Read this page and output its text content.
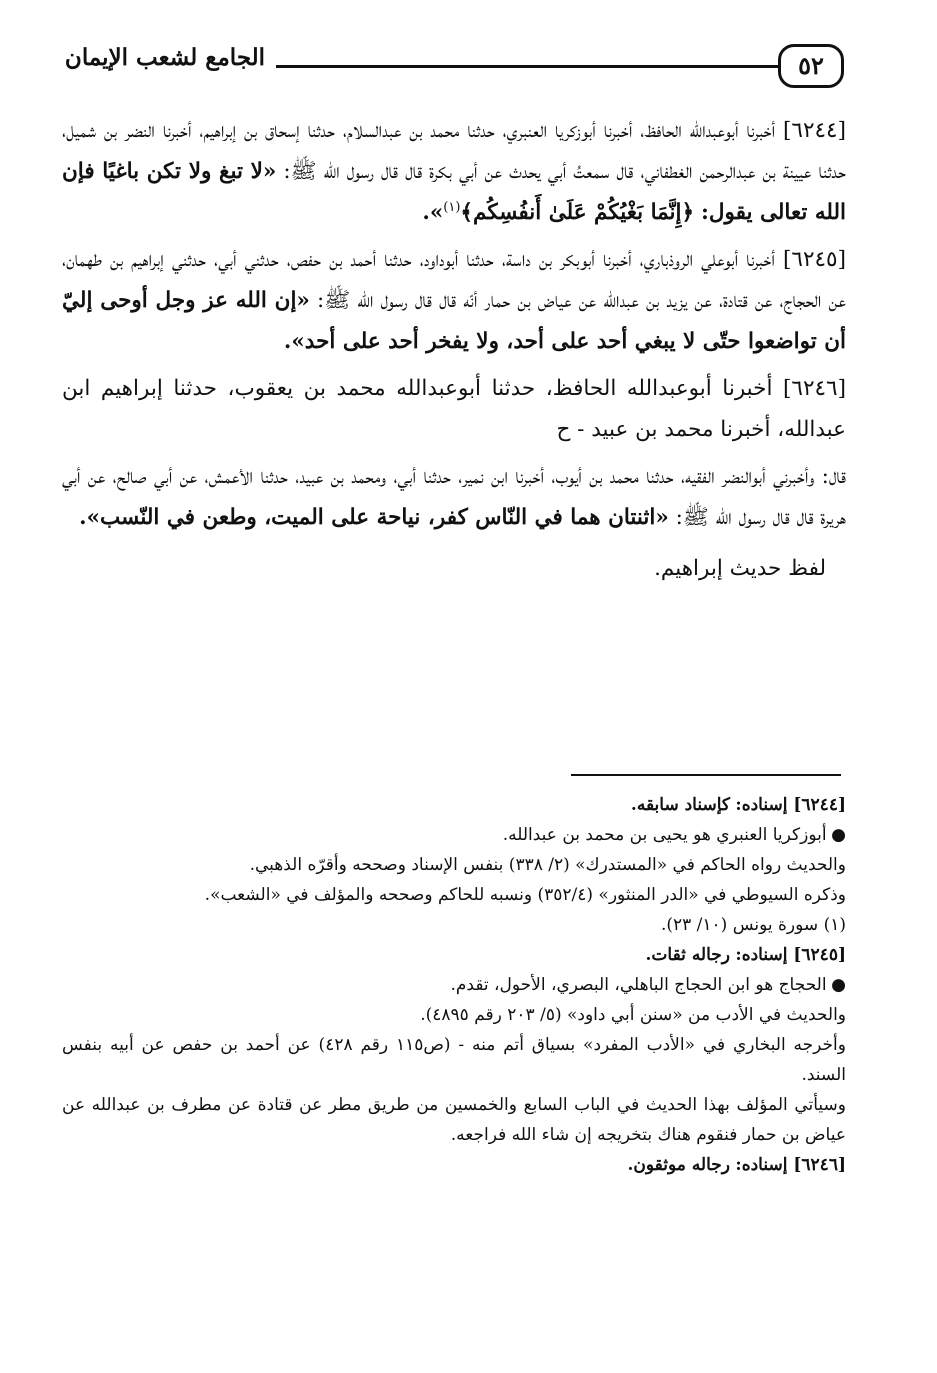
٥٢
الجامع لشعب الإيمان

[٦٢٤٤] أخبرنا أبوعبدالله الحافظ، أخبرنا أبوزكريا العنبري، حدثنا محمد بن عبدالسلام، حدثنا إسحاق بن إبراهيم، أخبرنا النضر بن شميل، حدثنا عيينة بن عبدالرحمن الغطفاني، قال سمعتُ أبي يحدث عن أبي بكرة قال قال رسول الله ﷺ: «لا تبغ ولا تكن باغيًا فإن الله تعالى يقول: ﴿إِنَّمَا بَغْيُكُمْ عَلَىٰ أَنفُسِكُم﴾$^{(١)}$».

[٦٢٤٥] أخبرنا أبوعلي الروذباري، أخبرنا أبوبكر بن داسة، حدثنا أبوداود، حدثنا أحمد بن حفص، حدثني أبي، حدثني إبراهيم بن طهمان، عن الحجاج، عن قتادة، عن يزيد بن عبدالله عن عياض بن حمار أنّه قال قال رسول الله ﷺ: «إن الله عز وجل أوحى إليّ أن تواضعوا حتّى لا يبغي أحد على أحد، ولا يفخر أحد على أحد».

[٦٢٤٦] أخبرنا أبوعبدالله الحافظ، حدثنا أبوعبدالله محمد بن يعقوب، حدثنا إبراهيم ابن عبدالله، أخبرنا محمد بن عبيد - ح

قال: وأخبرني أبوالنضر الفقيه، حدثنا محمد بن أيوب، أخبرنا ابن نمير، حدثنا أبي، ومحمد بن عبيد، حدثنا الأعمش، عن أبي صالح، عن أبي هريرة قال قال رسول الله ﷺ: «اثنتان هما في النّاس كفر، نياحة على الميت، وطعن في النّسب».

لفظ حديث إبراهيم.

[٦٢٤٤] إسناده: كإسناد سابقه.

● أبوزكريا العنبري هو يحيى بن محمد بن عبدالله.

والحديث رواه الحاكم في «المستدرك» (٢/ ٣٣٨) بنفس الإسناد وصححه وأقرّه الذهبي.

وذكره السيوطي في «الدر المنثور» (٣٥٢/٤) ونسبه للحاكم وصححه والمؤلف في «الشعب».

(١) سورة يونس (١٠/ ٢٣).

[٦٢٤٥] إسناده: رجاله ثقات.

● الحجاج هو ابن الحجاج الباهلي، البصري، الأحول، تقدم.

والحديث في الأدب من «سنن أبي داود» (٥/ ٢٠٣ رقم ٤٨٩٥).

وأخرجه البخاري في «الأدب المفرد» بسياق أتم منه - (ص١١٥ رقم ٤٢٨) عن أحمد بن حفص عن أبيه بنفس السند.

وسيأتي المؤلف بهذا الحديث في الباب السابع والخمسين من طريق مطر عن قتادة عن مطرف بن عبدالله عن عياض بن حمار فنقوم هناك بتخريجه إن شاء الله فراجعه.

[٦٢٤٦] إسناده: رجاله موثقون.
